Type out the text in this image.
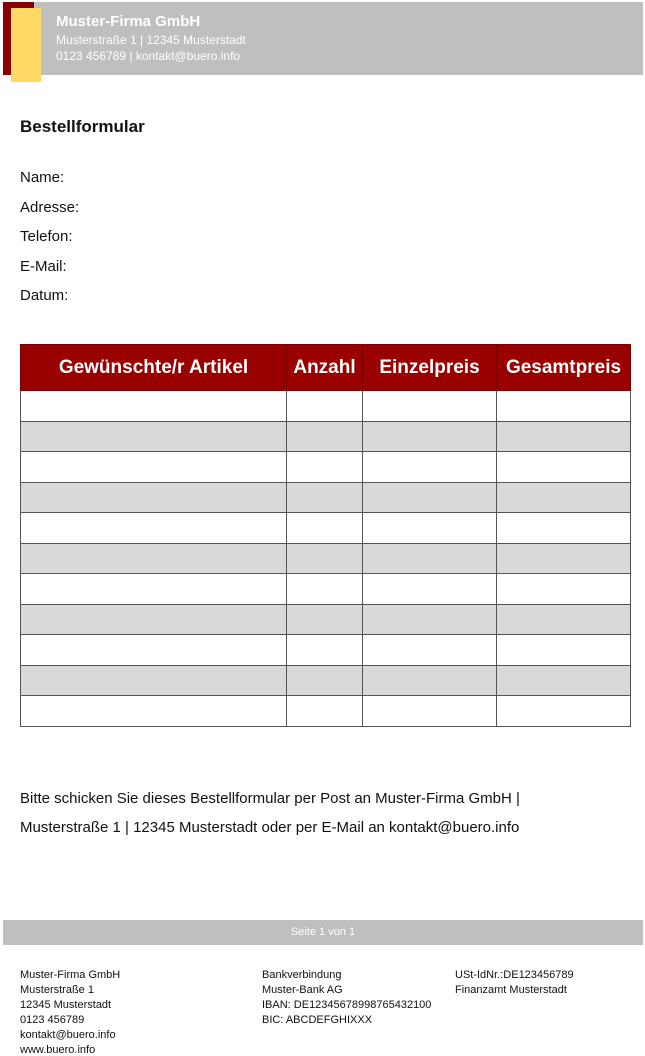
Muster-Firma GmbH
Musterstraße 1 | 12345 Musterstadt
0123 456789 | kontakt@buero.info
Bestellformular
Name:
Adresse:
Telefon:
E-Mail:
Datum:
Gewünschte/r Artikel	Anzahl	Einzelpreis	Gesamtpreis

Bitte schicken Sie dieses Bestellformular per Post an Muster-Firma GmbH |
Musterstraße 1 | 12345 Musterstadt oder per E-Mail an kontakt@buero.info
Seite 1 von 1
Muster-Firma GmbH
Musterstraße 1
12345 Musterstadt
0123 456789
kontakt@buero.info
www.buero.info
Bankverbindung
Muster-Bank AG
IBAN: DE12345678998765432100
BIC: ABCDEFGHIXXX
USt-IdNr.:DE123456789
Finanzamt Musterstadt
